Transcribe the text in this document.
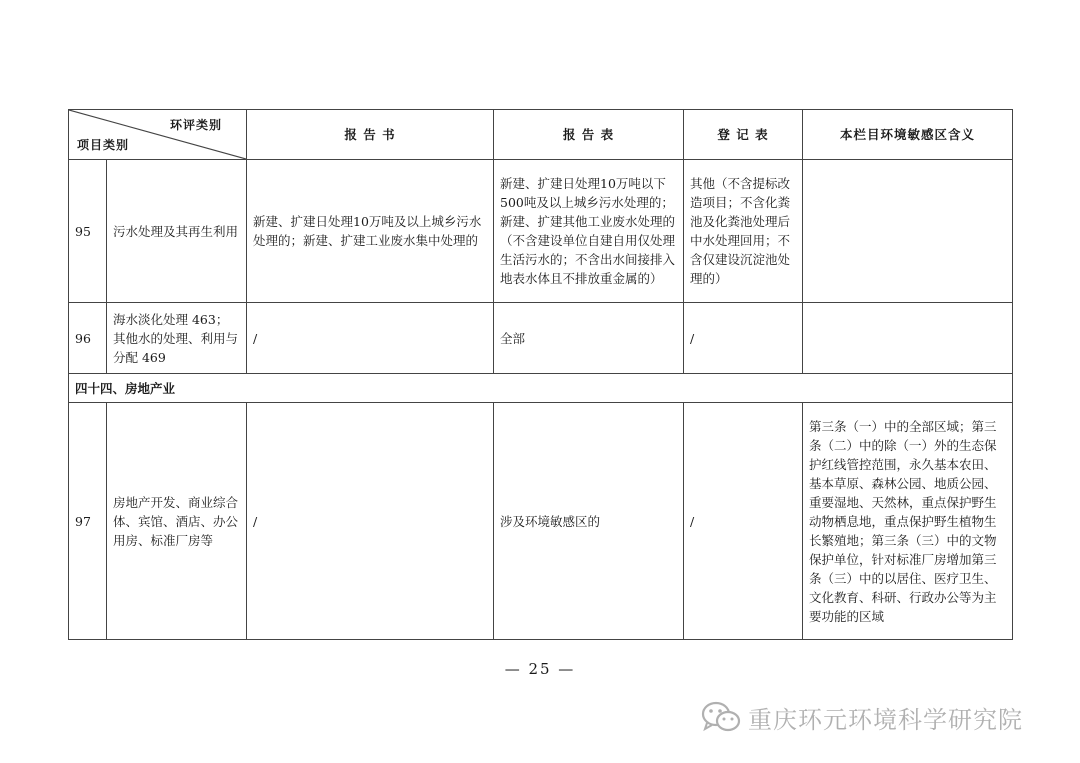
环评类别
项目类别		报 告 书	报 告 表	登 记 表	本栏目环境敏感区含义
95	污水处理及其再生利用	新建、扩建日处理10万吨及以上城乡污水处理的；新建、扩建工业废水集中处理的	新建、扩建日处理10万吨以下500吨及以上城乡污水处理的；新建、扩建其他工业废水处理的（不含建设单位自建自用仅处理生活污水的；不含出水间接排入地表水体且不排放重金属的）	其他（不含提标改造项目；不含化粪池及化粪池处理后中水处理回用；不含仅建设沉淀池处理的）	
96	海水淡化处理 463；其他水的处理、利用与分配 469	/	全部	/	
四十四、房地产业					
97	房地产开发、商业综合体、宾馆、酒店、办公用房、标准厂房等	/	涉及环境敏感区的	/	第三条（一）中的全部区域；第三条（二）中的除（一）外的生态保护红线管控范围，永久基本农田、基本草原、森林公园、地质公园、重要湿地、天然林，重点保护野生动物栖息地，重点保护野生植物生长繁殖地；第三条（三）中的文物保护单位，针对标准厂房增加第三条（三）中的以居住、医疗卫生、文化教育、科研、行政办公等为主要功能的区域
— 25 —
重庆环元环境科学研究院
